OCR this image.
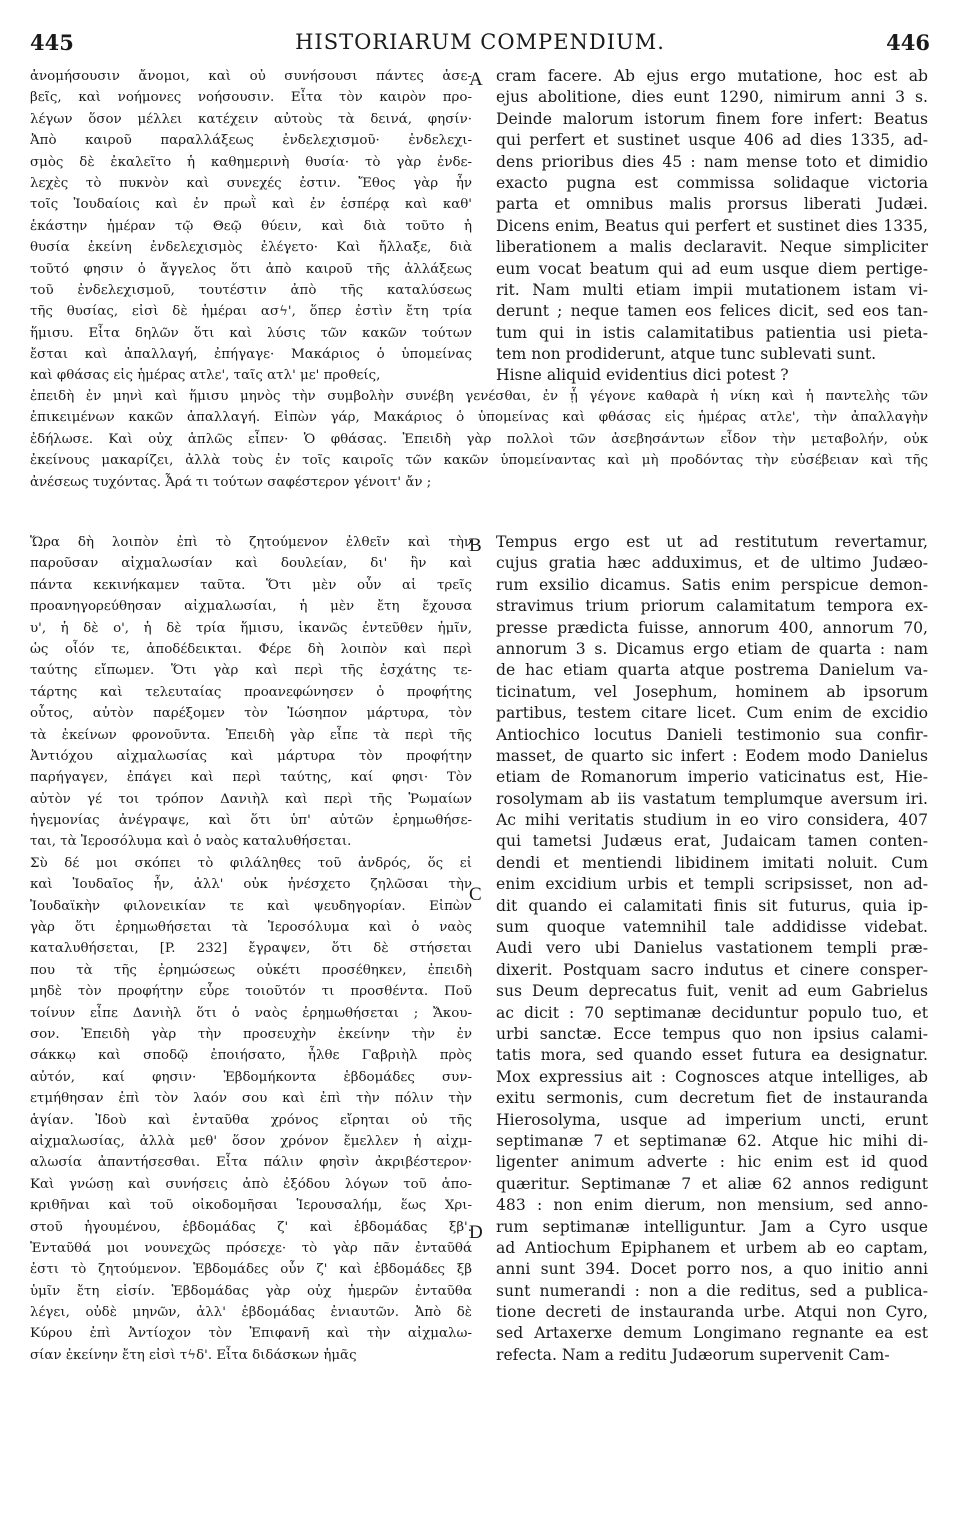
445	HISTORIARUM COMPENDIUM.	446
A
B
C
D
ἀνομήσουσιν ἄνομοι, καὶ οὐ συνήσουσι πάντες ἀσε-
βεῖς, καὶ νοήμονες νοήσουσιν. Εἶτα τὸν καιρὸν προ-
λέγων ὅσον μέλλει κατέχειν αὐτοὺς τὰ δεινά, φησίν·
Ἀπὸ καιροῦ παραλλάξεως ἐνδελεχισμοῦ· ἐνδελεχι-
σμὸς δὲ ἐκαλεῖτο ἡ καθημερινὴ θυσία· τὸ γὰρ ἐνδε-
λεχὲς τὸ πυκνὸν καὶ συνεχές ἐστιν. Ἔθος γὰρ ἦν
τοῖς Ἰουδαίοις καὶ ἐν πρωῒ καὶ ἐν ἑσπέρᾳ καὶ καθ'
ἑκάστην ἡμέραν τῷ Θεῷ θύειν, καὶ διὰ τοῦτο ἡ
θυσία ἐκείνη ἐνδελεχισμὸς ἐλέγετο· Καὶ ἤλλαξε, διὰ
τοῦτό φησιν ὁ ἄγγελος ὅτι ἀπὸ καιροῦ τῆς ἀλλάξεως
τοῦ ἐνδελεχισμοῦ, τουτέστιν ἀπὸ τῆς καταλύσεως
τῆς θυσίας, εἰσὶ δὲ ἡμέραι ασϟ', ὅπερ ἐστὶν ἔτη τρία
ἥμισυ. Εἶτα δηλῶν ὅτι καὶ λύσις τῶν κακῶν τούτων
ἔσται καὶ ἀπαλλαγή, ἐπήγαγε· Μακάριος ὁ ὑπομείνας
καὶ φθάσας εἰς ἡμέρας ατλε', ταῖς ατλ' με' προθείς,
cram facere. Ab ejus ergo mutatione, hoc est ab
ejus abolitione, dies eunt 1290, nimirum anni 3 s.
Deinde malorum istorum finem fore infert: Beatus
qui perfert et sustinet usque 406 ad dies 1335, ad-
dens prioribus dies 45 : nam mense toto et dimidio
exacto pugna est commissa solidaque victoria
parta et omnibus malis prorsus liberati Judæi.
Dicens enim, Beatus qui perfert et sustinet dies 1335,
liberationem a malis declaravit. Neque simpliciter
eum vocat beatum qui ad eum usque diem pertige-
rit. Nam multi etiam impii mutationem istam vi-
derunt ; neque tamen eos felices dicit, sed eos tan-
tum qui in istis calamitatibus patientia usi pieta-
tem non prodiderunt, atque tunc sublevati sunt.
Hisne aliquid evidentius dici potest ?
ἐπειδὴ ἐν μηνὶ καὶ ἥμισυ μηνὸς τὴν συμβολὴν συνέβη γενέσθαι, ἐν ᾗ γέγονε καθαρὰ ἡ νίκη καὶ ἡ παντελὴς τῶν
ἐπικειμένων κακῶν ἀπαλλαγή. Εἰπὼν γάρ, Μακάριος ὁ ὑπομείνας καὶ φθάσας εἰς ἡμέρας ατλε', τὴν ἀπαλλαγὴν
ἐδήλωσε. Καὶ οὐχ ἁπλῶς εἶπεν· Ὁ φθάσας. Ἐπειδὴ γὰρ πολλοὶ τῶν ἀσεβησάντων εἶδον τὴν μεταβολήν, οὐκ
ἐκείνους μακαρίζει, ἀλλὰ τοὺς ἐν τοῖς καιροῖς τῶν κακῶν ὑπομείναντας καὶ μὴ προδόντας τὴν εὐσέβειαν καὶ τῆς
ἀνέσεως τυχόντας. Ἆρά τι τούτων σαφέστερον γένοιτ' ἄν ;
Ὥρα δὴ λοιπὸν ἐπὶ τὸ ζητούμενον ἐλθεῖν καὶ τὴν
παροῦσαν αἰχμαλωσίαν καὶ δουλείαν, δι' ἣν καὶ
πάντα κεκινήκαμεν ταῦτα. Ὅτι μὲν οὖν αἱ τρεῖς
προανηγορεύθησαν αἰχμαλωσίαι, ἡ μὲν ἔτη ἔχουσα
υ', ἡ δὲ ο', ἡ δὲ τρία ἥμισυ, ἱκανῶς ἐντεῦθεν ἡμῖν,
ὡς οἷόν τε, ἀποδέδεικται. Φέρε δὴ λοιπὸν καὶ περὶ
ταύτης εἴπωμεν. Ὅτι γὰρ καὶ περὶ τῆς ἐσχάτης τε-
τάρτης καὶ τελευταίας προανεφώνησεν ὁ προφήτης
οὗτος, αὐτὸν παρέξομεν τὸν Ἰώσηπον μάρτυρα, τὸν
τὰ ἐκείνων φρονοῦντα. Ἐπειδὴ γὰρ εἶπε τὰ περὶ τῆς
Ἀντιόχου αἰχμαλωσίας καὶ μάρτυρα τὸν προφήτην
παρήγαγεν, ἐπάγει καὶ περὶ ταύτης, καί φησι· Τὸν
αὐτὸν γέ τοι τρόπον Δανιὴλ καὶ περὶ τῆς Ῥωμαίων
ἡγεμονίας ἀνέγραψε, καὶ ὅτι ὑπ' αὐτῶν ἐρημωθήσε-
ται, τὰ Ἱεροσόλυμα καὶ ὁ ναὸς καταλυθήσεται.
Σὺ δέ μοι σκόπει τὸ φιλάληθες τοῦ ἀνδρός, ὅς εἰ
καὶ Ἰουδαῖος ἦν, ἀλλ' οὐκ ἠνέσχετο ζηλῶσαι τὴν
Ἰουδαϊκὴν φιλονεικίαν τε καὶ ψευδηγορίαν. Εἰπὼν
γὰρ ὅτι ἐρημωθήσεται τὰ Ἱεροσόλυμα καὶ ὁ ναὸς
καταλυθήσεται, [P. 232] ἔγραψεν, ὅτι δὲ στήσεται
που τὰ τῆς ἐρημώσεως οὐκέτι προσέθηκεν, ἐπειδὴ
μηδὲ τὸν προφήτην εὗρε τοιοῦτόν τι προσθέντα. Ποῦ
τοίνυν εἶπε Δανιὴλ ὅτι ὁ ναὸς ἐρημωθήσεται ; Ἄκου-
σον. Ἐπειδὴ γὰρ τὴν προσευχὴν ἐκείνην τὴν ἐν
σάκκῳ καὶ σποδῷ ἐποιήσατο, ἦλθε Γαβριὴλ πρὸς
αὐτόν, καί φησιν· Ἑβδομήκοντα ἑβδομάδες συν-
ετμήθησαν ἐπὶ τὸν λαόν σου καὶ ἐπὶ τὴν πόλιν τὴν
ἁγίαν. Ἰδοὺ καὶ ἐνταῦθα χρόνος εἴρηται οὐ τῆς
αἰχμαλωσίας, ἀλλὰ μεθ' ὅσον χρόνον ἔμελλεν ἡ αἰχμ-
αλωσία ἀπαντήσεσθαι. Εἶτα πάλιν φησὶν ἀκριβέστερον·
Καὶ γνώσῃ καὶ συνήσεις ἀπὸ ἐξόδου λόγων τοῦ ἀπο-
κριθῆναι καὶ τοῦ οἰκοδομῆσαι Ἱερουσαλήμ, ἕως Χρι-
στοῦ ἡγουμένου, ἑβδομάδας ζ' καὶ ἑβδομάδας ξβ'.
Ἐνταῦθά μοι νουνεχῶς πρόσεχε· τὸ γὰρ πᾶν ἐνταῦθά
ἐστι τὸ ζητούμενον. Ἑβδομάδες οὖν ζ' καὶ ἑβδομάδες ξβ
ὑμῖν ἔτη εἰσίν. Ἑβδομάδας γὰρ οὐχ ἡμερῶν ἐνταῦθα
λέγει, οὐδὲ μηνῶν, ἀλλ' ἑβδομάδας ἐνιαυτῶν. Ἀπὸ δὲ
Κύρου ἐπὶ Ἀντίοχον τὸν Ἐπιφανῆ καὶ τὴν αἰχμαλω-
σίαν ἐκείνην ἔτη εἰσὶ τϟδ'. Εἶτα διδάσκων ἡμᾶς
Tempus ergo est ut ad restitutum revertamur,
cujus gratia hæc adduximus, et de ultimo Judæo-
rum exsilio dicamus. Satis enim perspicue demon-
stravimus trium priorum calamitatum tempora ex-
presse prædicta fuisse, annorum 400, annorum 70,
annorum 3 s. Dicamus ergo etiam de quarta : nam
de hac etiam quarta atque postrema Danielum va-
ticinatum, vel Josephum, hominem ab ipsorum
partibus, testem citare licet. Cum enim de excidio
Antiochico locutus Danieli testimonio sua confir-
masset, de quarto sic infert : Eodem modo Danielus
etiam de Romanorum imperio vaticinatus est, Hie-
rosolymam ab iis vastatum templumque aversum iri.
Ac mihi veritatis studium in eo viro considera, 407
qui tametsi Judæus erat, Judaicam tamen conten-
dendi et mentiendi libidinem imitati noluit. Cum
enim excidium urbis et templi scripsisset, non ad-
dit quando ei calamitati finis sit futurus, quia ip-
sum quoque vatemnihil tale addidisse videbat.
Audi vero ubi Danielus vastationem templi præ-
dixerit. Postquam sacro indutus et cinere consper-
sus Deum deprecatus fuit, venit ad eum Gabrielus
ac dicit : 70 septimanæ deciduntur populo tuo, et
urbi sanctæ. Ecce tempus quo non ipsius calami-
tatis mora, sed quando esset futura ea designatur.
Mox expressius ait : Cognosces atque intelliges, ab
exitu sermonis, cum decretum fiet de instauranda
Hierosolyma, usque ad imperium uncti, erunt
septimanæ 7 et septimanæ 62. Atque hic mihi di-
ligenter animum adverte : hic enim est id quod
quæritur. Septimanæ 7 et aliæ 62 annos redigunt
483 : non enim dierum, non mensium, sed anno-
rum septimanæ intelliguntur. Jam a Cyro usque
ad Antiochum Epiphanem et urbem ab eo captam,
anni sunt 394. Docet porro nos, a quo initio anni
sunt numerandi : non a die reditus, sed a publica-
tione decreti de instauranda urbe. Atqui non Cyro,
sed Artaxerxe demum Longimano regnante ea est
refecta. Nam a reditu Judæorum supervenit Cam-
